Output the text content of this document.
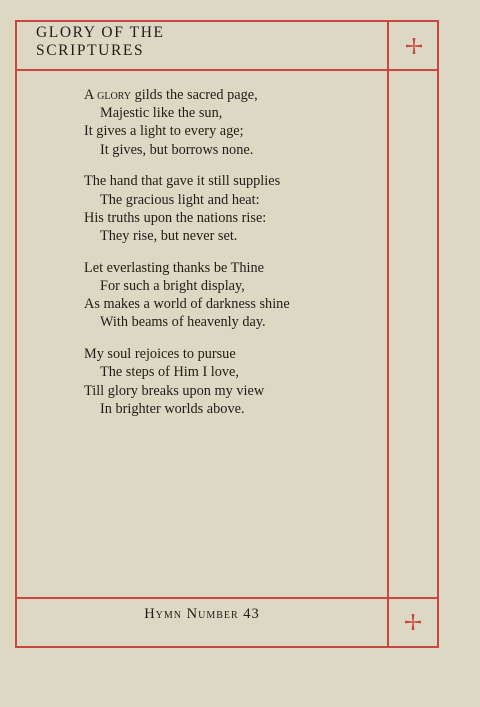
GLORY OF THE
SCRIPTURES
A glory gilds the sacred page,
Majestic like the sun,
It gives a light to every age;
It gives, but borrows none.
The hand that gave it still supplies
The gracious light and heat:
His truths upon the nations rise:
They rise, but never set.
Let everlasting thanks be Thine
For such a bright display,
As makes a world of darkness shine
With beams of heavenly day.
My soul rejoices to pursue
The steps of Him I love,
Till glory breaks upon my view
In brighter worlds above.
Hymn Number 43
